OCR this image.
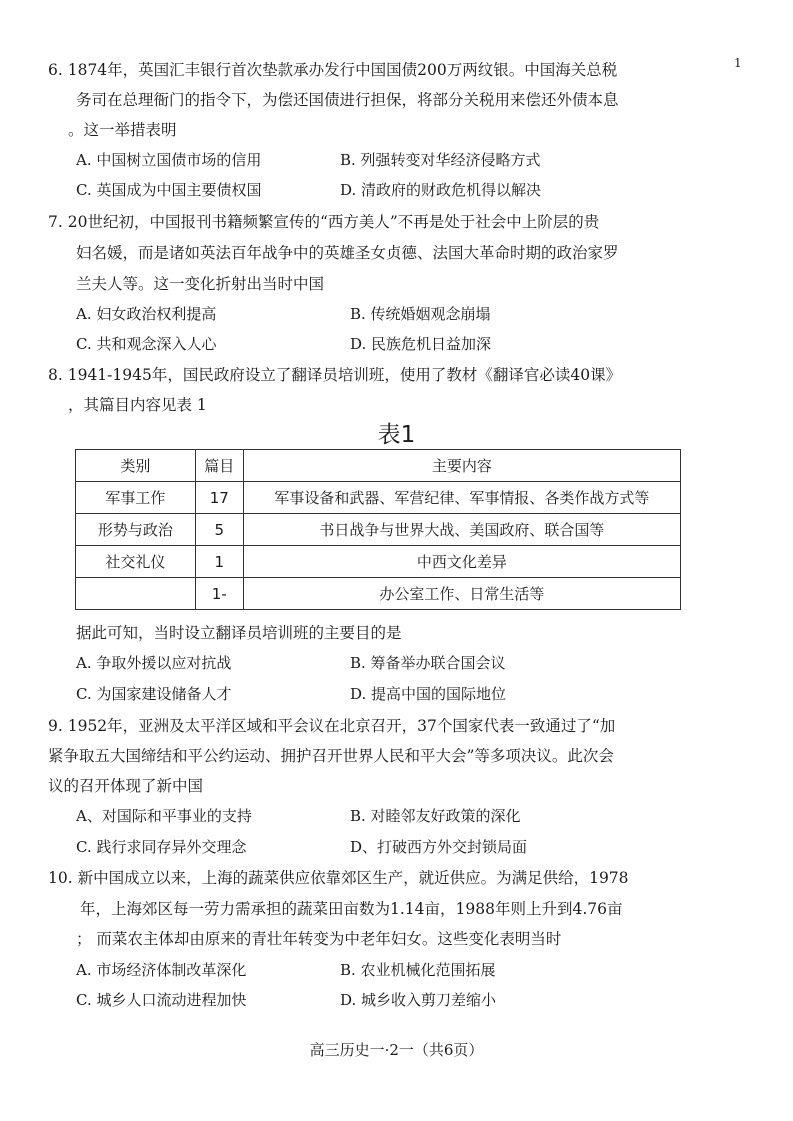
1
6. 1874年，英国汇丰银行首次垫款承办发行中国国债200万两纹银。中国海关总税
务司在总理衙门的指令下，为偿还国债进行担保，将部分关税用来偿还外债本息
。这一举措表明
A. 中国树立国债市场的信用	B. 列强转变对华经济侵略方式
C. 英国成为中国主要债权国	D. 清政府的财政危机得以解决
7. 20世纪初，中国报刊书籍频繁宣传的“西方美人”不再是处于社会中上阶层的贵
妇名媛，而是诸如英法百年战争中的英雄圣女贞德、法国大革命时期的政治家罗
兰夫人等。这一变化折射出当时中国
A. 妇女政治权利提高	B. 传统婚姻观念崩塌
C. 共和观念深入人心	D. 民族危机日益加深
8. 1941-1945年，国民政府设立了翻译员培训班，使用了教材《翻译官必读40课》
，其篇目内容见表 1
表1
类别	篇目	主要内容
军事工作	17	军事设备和武器、军营纪律、军事情报、各类作战方式等
形势与政治	5	书日战争与世界大战、美国政府、联合国等
社交礼仪	1	中西文化差异
	1-	办公室工作、日常生活等
据此可知，当时设立翻译员培训班的主要目的是
A. 争取外援以应对抗战	B. 筹备举办联合国会议
C. 为国家建设储备人才	D. 提高中国的国际地位
9. 1952年，亚洲及太平洋区域和平会议在北京召开，37个国家代表一致通过了“加
紧争取五大国缔结和平公约运动、拥护召开世界人民和平大会”等多项决议。此次会
议的召开体现了新中国
A、对国际和平事业的支持	B. 对睦邻友好政策的深化
C. 践行求同存异外交理念	D、打破西方外交封锁局面
10. 新中国成立以来，上海的蔬菜供应依靠郊区生产，就近供应。为满足供给，1978
年，上海郊区每一劳力需承担的蔬菜田亩数为1.14亩，1988年则上升到4.76亩
； 而菜农主体却由原来的青壮年转变为中老年妇女。这些变化表明当时
A. 市场经济体制改革深化	B. 农业机械化范围拓展
C. 城乡人口流动进程加快	D. 城乡收入剪刀差缩小
高三历史一·2一（共6页）
